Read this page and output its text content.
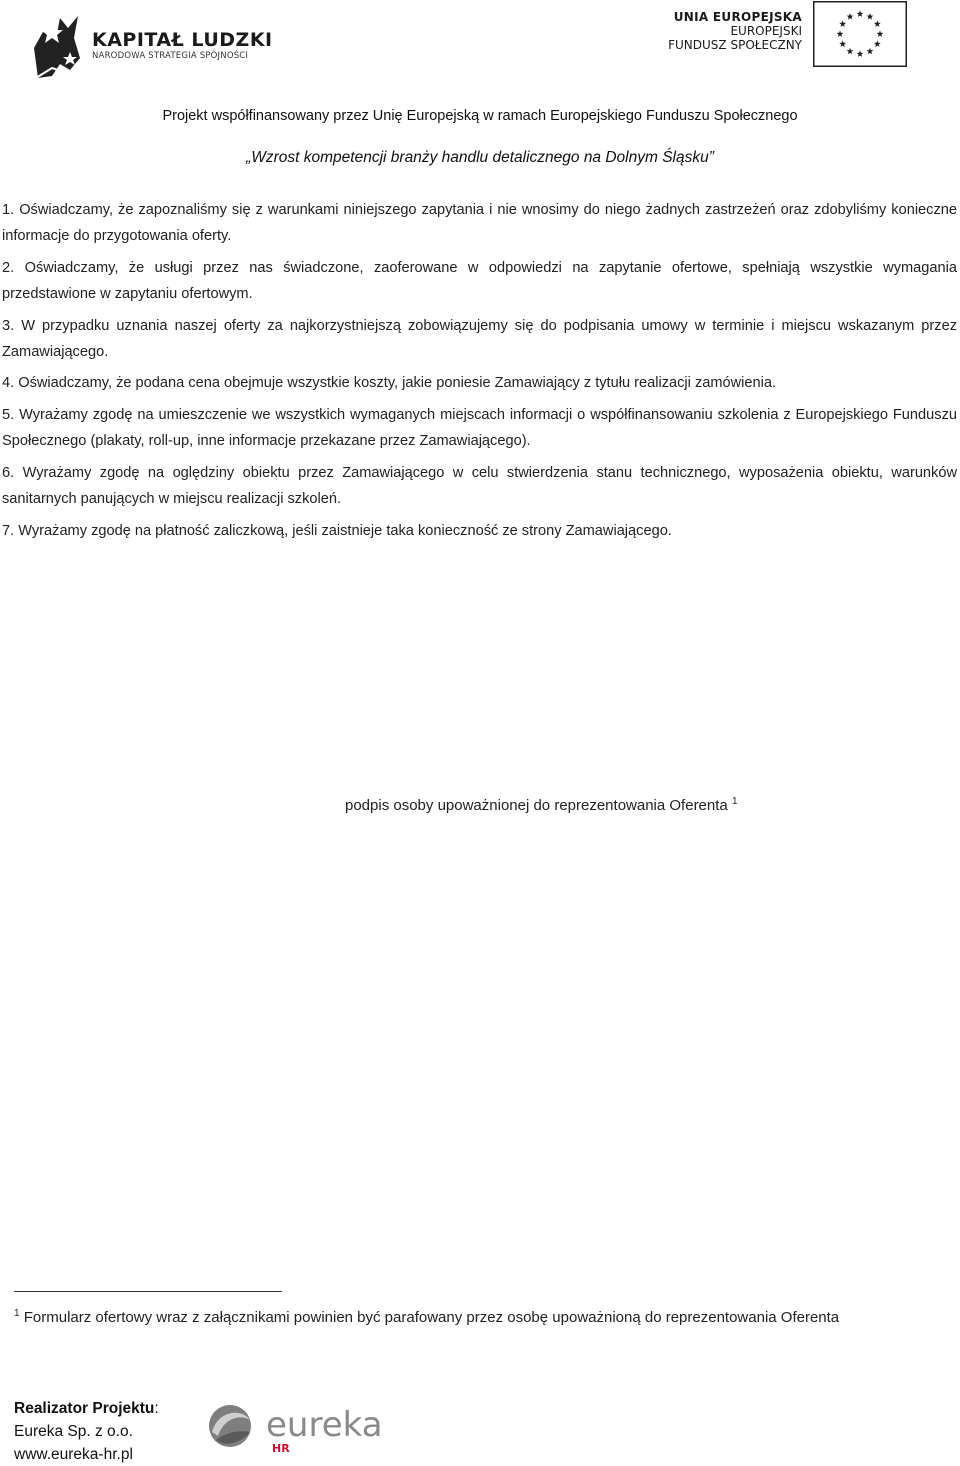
KAPITAŁ LUDZKI
NARODOWA STRATEGIA SPÓJNOŚCI
UNIA EUROPEJSKA
EUROPEJSKI
FUNDUSZ SPOŁECZNY
Projekt współfinansowany przez Unię Europejską w ramach Europejskiego Funduszu Społecznego
„Wzrost kompetencji branży handlu detalicznego na Dolnym Śląsku”
1. Oświadczamy, że zapoznaliśmy się z warunkami niniejszego zapytania i nie wnosimy do niego żadnych zastrzeżeń oraz zdobyliśmy konieczne informacje do przygotowania oferty.
2. Oświadczamy, że usługi przez nas świadczone, zaoferowane w odpowiedzi na zapytanie ofertowe, spełniają wszystkie wymagania przedstawione w zapytaniu ofertowym.
3. W przypadku uznania naszej oferty za najkorzystniejszą zobowiązujemy się do podpisania umowy w terminie i miejscu wskazanym przez Zamawiającego.
4. Oświadczamy, że podana cena obejmuje wszystkie koszty, jakie poniesie Zamawiający z tytułu realizacji zamówienia.
5. Wyrażamy zgodę na umieszczenie we wszystkich wymaganych miejscach informacji o współfinansowaniu szkolenia z Europejskiego Funduszu Społecznego (plakaty, roll-up, inne informacje przekazane przez Zamawiającego).
6. Wyrażamy zgodę na oględziny obiektu przez Zamawiającego w celu stwierdzenia stanu technicznego, wyposażenia obiektu, warunków sanitarnych panujących w miejscu realizacji szkoleń.
7. Wyrażamy zgodę na płatność zaliczkową, jeśli zaistnieje taka konieczność ze strony Zamawiającego.
podpis osoby upoważnionej do reprezentowania Oferenta $^1$
$^1$ Formularz ofertowy wraz z załącznikami powinien być parafowany przez osobę upoważnioną do reprezentowania Oferenta
Realizator Projektu:
Eureka Sp. z o.o.
www.eureka-hr.pl
eureka
HR
